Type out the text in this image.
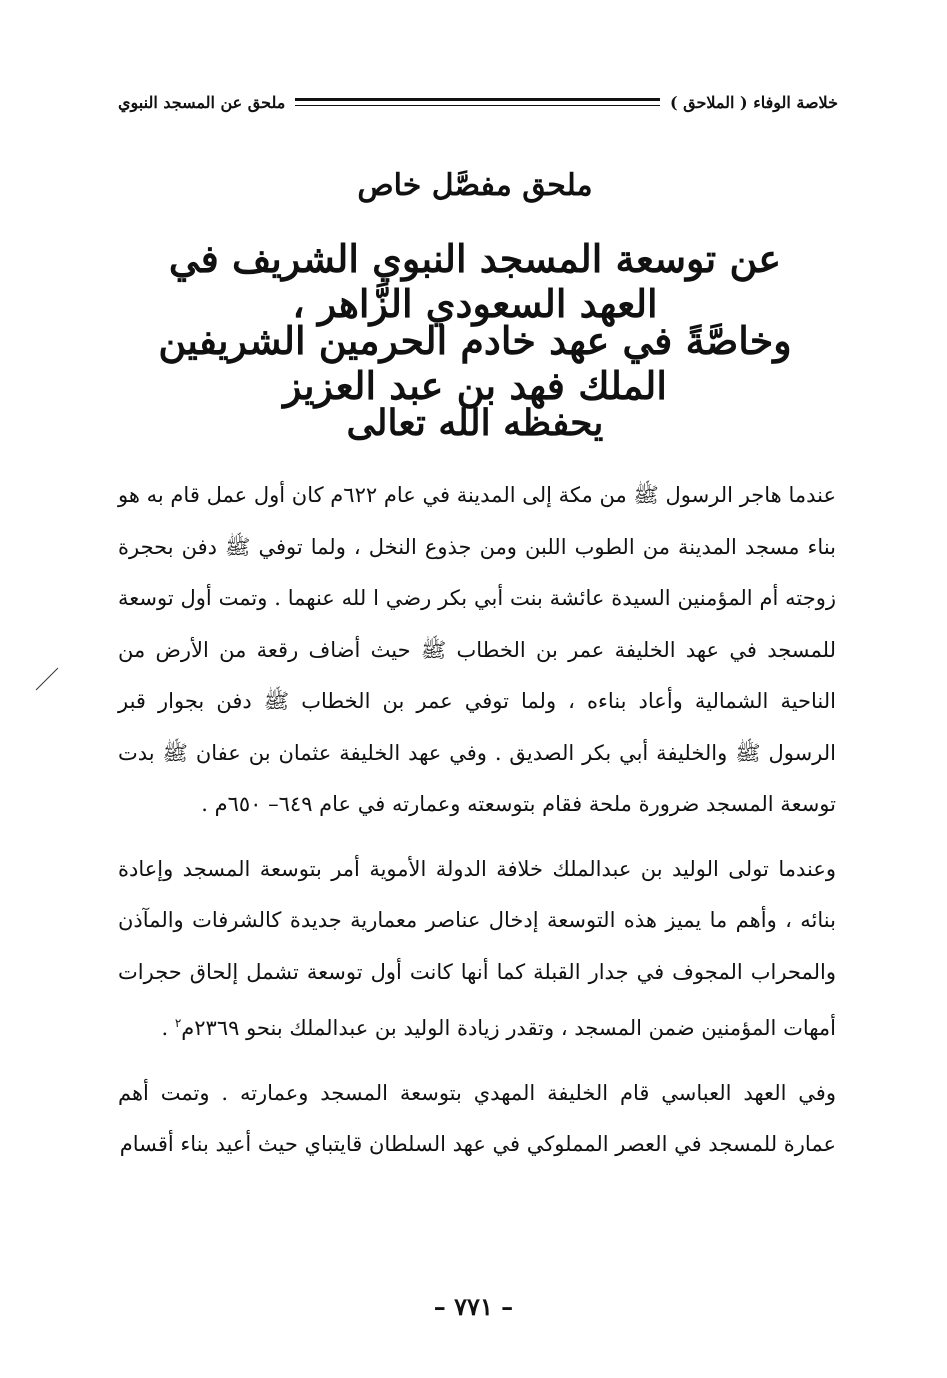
خلاصة الوفاء ( الملاحق )
ملحق عن المسجد النبوي
ملحق مفصَّل خاص
عن توسعة المسجد النبوي الشريف في العهد السعودي الزَّاهر ،
وخاصَّةً في عهد خادم الحرمين الشريفين الملك فهد بن عبد العزيز
يحفظه الله تعالى

عندما هاجر الرسول ﷺ من مكة إلى المدينة في عام ٦٢٢م كان أول عمل قام به هو بناء مسجد المدينة من الطوب اللبن ومن جذوع النخل ، ولما توفي ﷺ دفن بحجرة زوجته أم المؤمنين السيدة عائشة بنت أبي بكر رضي ا لله عنهما . وتمت أول توسعة للمسجد في عهد الخليفة عمر بن الخطاب ﷺ حيث أضاف رقعة من الأرض من الناحية الشمالية وأعاد بناءه ، ولما توفي عمر بن الخطاب ﷺ دفن بجوار قبر الرسول ﷺ والخليفة أبي بكر الصديق . وفي عهد الخليفة عثمان بن عفان ﷺ بدت توسعة المسجد ضرورة ملحة فقام بتوسعته وعمارته في عام ٦٤٩– ٦٥٠م .

وعندما تولى الوليد بن عبدالملك خلافة الدولة الأموية أمر بتوسعة المسجد وإعادة بنائه ، وأهم ما يميز هذه التوسعة إدخال عناصر معمارية جديدة كالشرفات والمآذن والمحراب المجوف في جدار القبلة كما أنها كانت أول توسعة تشمل إلحاق حجرات أمهات المؤمنين ضمن المسجد ، وتقدر زيادة الوليد بن عبدالملك بنحو ٢٣٦٩م$^٢$ .

وفي العهد العباسي قام الخليفة المهدي بتوسعة المسجد وعمارته . وتمت أهم عمارة للمسجد في العصر المملوكي في عهد السلطان قايتباي حيث أعيد بناء أقسام

– ٧٧١ –
